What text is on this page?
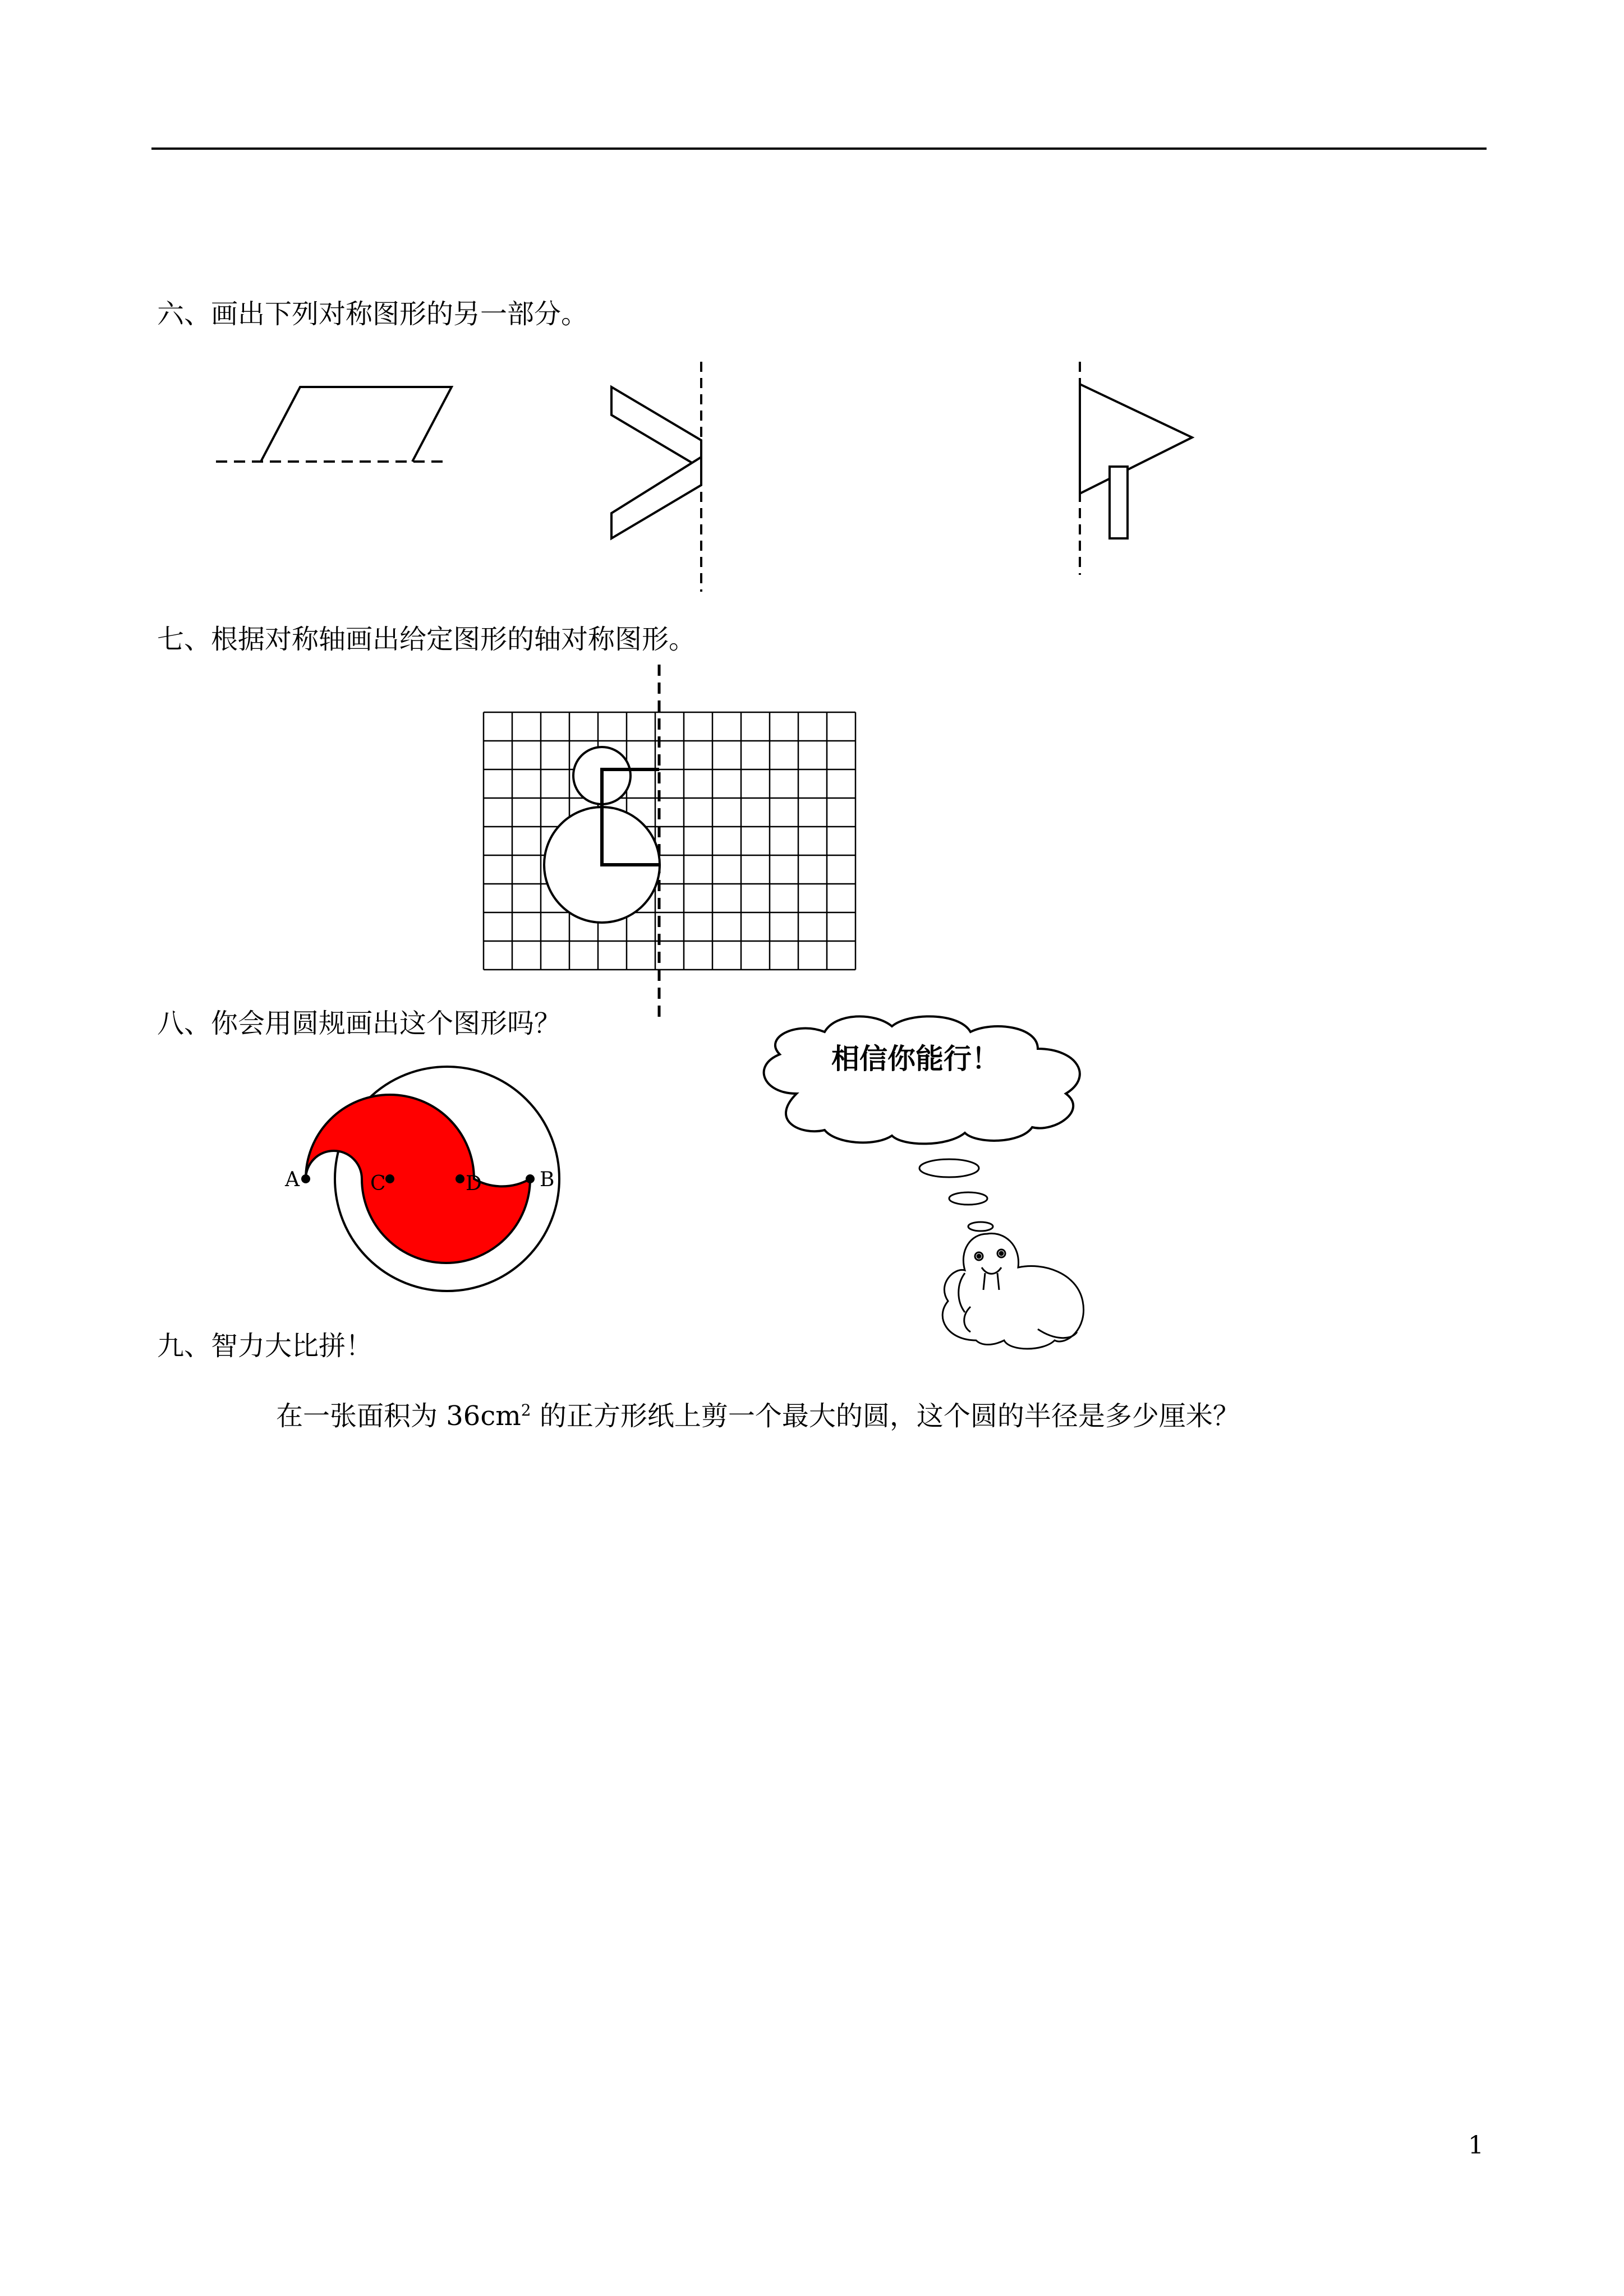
六、画出下列对称图形的另一部分。
七、根据对称轴画出给定图形的轴对称图形。
八、你会用圆规画出这个图形吗？
A	C	D	B
相信你能行！
九、智力大比拼！
在一张面积为 $36cm^2$ 的正方形纸上剪一个最大的圆，这个圆的半径是多少厘米？
1
